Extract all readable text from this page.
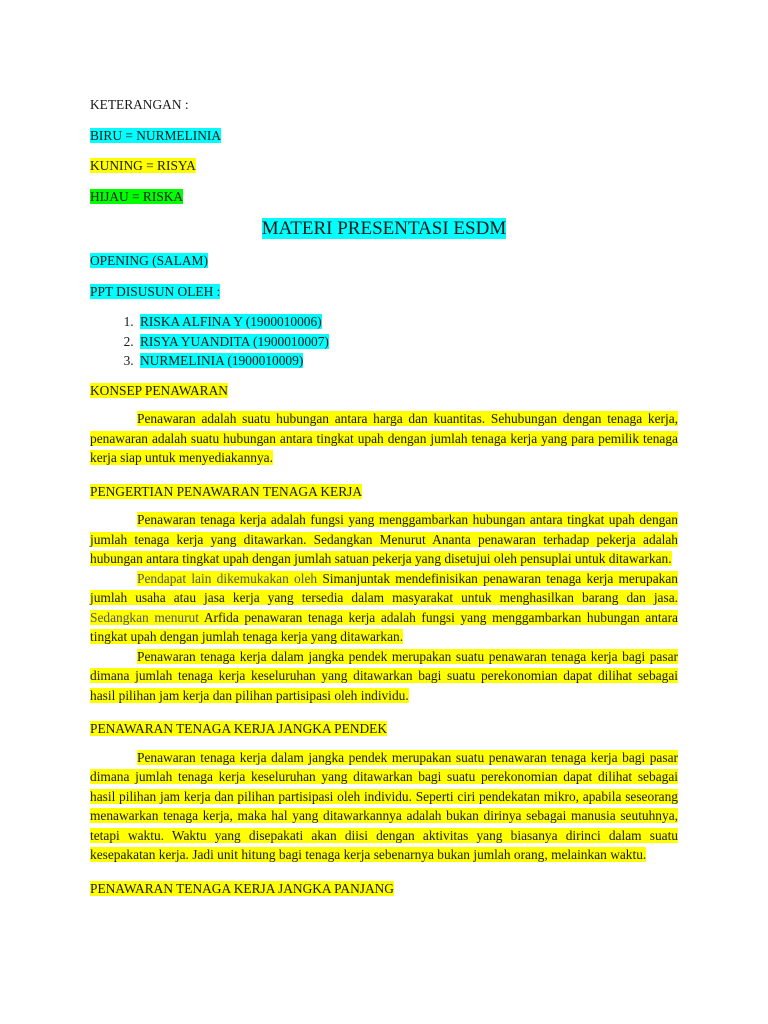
KETERANGAN :

BIRU = NURMELINIA

KUNING = RISYA

HIJAU = RISKA

MATERI PRESENTASI ESDM

OPENING (SALAM)

PPT DISUSUN OLEH :

1. RISKA ALFINA Y (1900010006)
2. RISYA YUANDITA (1900010007)
3. NURMELINIA (1900010009)

KONSEP PENAWARAN

Penawaran adalah suatu hubungan antara harga dan kuantitas. Sehubungan dengan tenaga kerja, penawaran adalah suatu hubungan antara tingkat upah dengan jumlah tenaga kerja yang para pemilik tenaga kerja siap untuk menyediakannya.

PENGERTIAN PENAWARAN TENAGA KERJA

Penawaran tenaga kerja adalah fungsi yang menggambarkan hubungan antara tingkat upah dengan jumlah tenaga kerja yang ditawarkan. Sedangkan Menurut Ananta penawaran terhadap pekerja adalah hubungan antara tingkat upah dengan jumlah satuan pekerja yang disetujui oleh pensuplai untuk ditawarkan.

Pendapat lain dikemukakan oleh Simanjuntak mendefinisikan penawaran tenaga kerja merupakan jumlah usaha atau jasa kerja yang tersedia dalam masyarakat untuk menghasilkan barang dan jasa. Sedangkan menurut Arfida penawaran tenaga kerja adalah fungsi yang menggambarkan hubungan antara tingkat upah dengan jumlah tenaga kerja yang ditawarkan.

Penawaran tenaga kerja dalam jangka pendek merupakan suatu penawaran tenaga kerja bagi pasar dimana jumlah tenaga kerja keseluruhan yang ditawarkan bagi suatu perekonomian dapat dilihat sebagai hasil pilihan jam kerja dan pilihan partisipasi oleh individu.

PENAWARAN TENAGA KERJA JANGKA PENDEK

Penawaran tenaga kerja dalam jangka pendek merupakan suatu penawaran tenaga kerja bagi pasar dimana jumlah tenaga kerja keseluruhan yang ditawarkan bagi suatu perekonomian dapat dilihat sebagai hasil pilihan jam kerja dan pilihan partisipasi oleh individu. Seperti ciri pendekatan mikro, apabila seseorang menawarkan tenaga kerja, maka hal yang ditawarkannya adalah bukan dirinya sebagai manusia seutuhnya, tetapi waktu. Waktu yang disepakati akan diisi dengan aktivitas yang biasanya dirinci dalam suatu kesepakatan kerja. Jadi unit hitung bagi tenaga kerja sebenarnya bukan jumlah orang, melainkan waktu.

PENAWARAN TENAGA KERJA JANGKA PANJANG
